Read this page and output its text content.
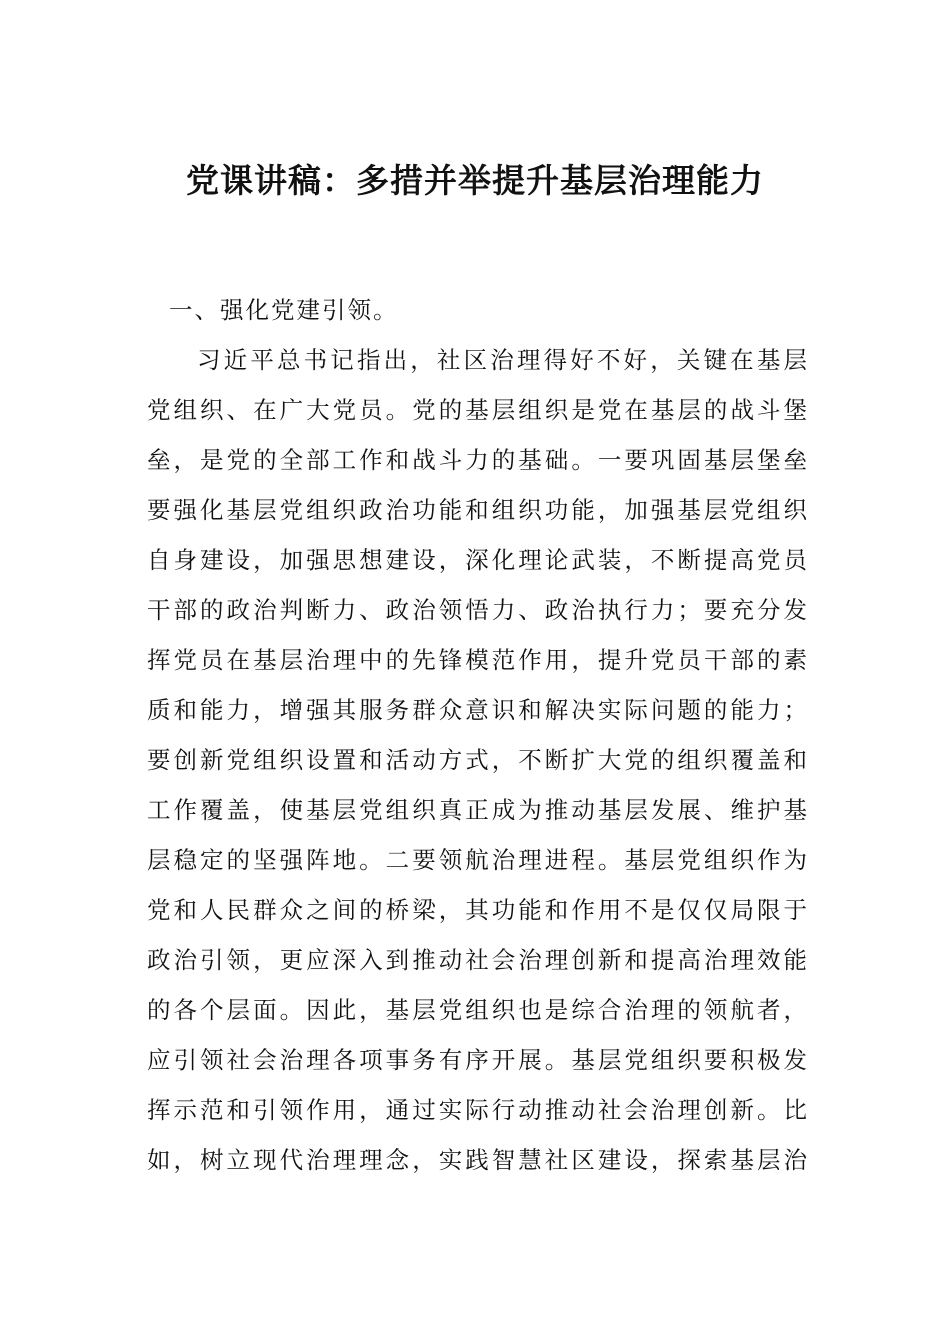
党课讲稿：多措并举提升基层治理能力
一、强化党建引领。
习近平总书记指出，社区治理得好不好，关键在基层
党组织、在广大党员。党的基层组织是党在基层的战斗堡
垒，是党的全部工作和战斗力的基础。一要巩固基层堡垒
要强化基层党组织政治功能和组织功能，加强基层党组织
自身建设，加强思想建设，深化理论武装，不断提高党员
干部的政治判断力、政治领悟力、政治执行力；要充分发
挥党员在基层治理中的先锋模范作用，提升党员干部的素
质和能力，增强其服务群众意识和解决实际问题的能力；
要创新党组织设置和活动方式，不断扩大党的组织覆盖和
工作覆盖，使基层党组织真正成为推动基层发展、维护基
层稳定的坚强阵地。二要领航治理进程。基层党组织作为
党和人民群众之间的桥梁，其功能和作用不是仅仅局限于
政治引领，更应深入到推动社会治理创新和提高治理效能
的各个层面。因此，基层党组织也是综合治理的领航者，
应引领社会治理各项事务有序开展。基层党组织要积极发
挥示范和引领作用，通过实际行动推动社会治理创新。比
如，树立现代治理理念，实践智慧社区建设，探索基层治
